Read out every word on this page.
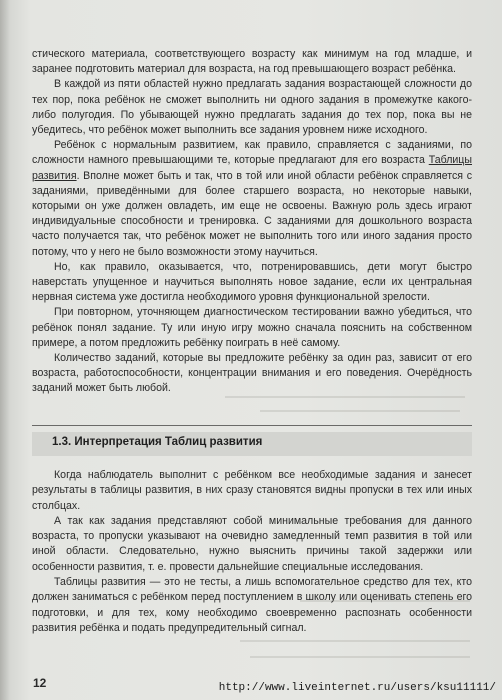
стического материала, соответствующего возрасту как минимум на год младше, и заранее подготовить материал для возраста, на год превышающего возраст ребёнка.

В каждой из пяти областей нужно предлагать задания возрастающей сложности до тех пор, пока ребёнок не сможет выполнить ни одного задания в промежутке какого-либо полугодия. По убывающей нужно предлагать задания до тех пор, пока вы не убедитесь, что ребёнок может выполнить все задания уровнем ниже исходного.

Ребёнок с нормальным развитием, как правило, справляется с заданиями, по сложности намного превышающими те, которые предлагают для его возраста Таблицы развития. Вполне может быть и так, что в той или иной области ребёнок справляется с заданиями, приведёнными для более старшего возраста, но некоторые навыки, которыми он уже должен овладеть, им еще не освоены. Важную роль здесь играют индивидуальные способности и тренировка. С заданиями для дошкольного возраста часто получается так, что ребёнок может не выполнить того или иного задания просто потому, что у него не было возможности этому научиться.

Но, как правило, оказывается, что, потренировавшись, дети могут быстро наверстать упущенное и научиться выполнять новое задание, если их центральная нервная система уже достигла необходимого уровня функциональной зрелости.

При повторном, уточняющем диагностическом тестировании важно убедиться, что ребёнок понял задание. Ту или иную игру можно сначала пояснить на собственном примере, а потом предложить ребёнку поиграть в неё самому.

Количество заданий, которые вы предложите ребёнку за один раз, зависит от его возраста, работоспособности, концентрации внимания и его поведения. Очерёдность заданий может быть любой.

1.3. Интерпретация Таблиц развития

Когда наблюдатель выполнит с ребёнком все необходимые задания и занесет результаты в таблицы развития, в них сразу становятся видны пропуски в тех или иных столбцах.

А так как задания представляют собой минимальные требования для данного возраста, то пропуски указывают на очевидно замедленный темп развития в той или иной области. Следовательно, нужно выяснить причины такой задержки или особенности развития, т. е. провести дальнейшие специальные исследования.

Таблицы развития — это не тесты, а лишь вспомогательное средство для тех, кто должен заниматься с ребёнком перед поступлением в школу или оценивать степень его подготовки, и для тех, кому необходимо своевременно распознать особенности развития ребёнка и подать предупредительный сигнал.

12	http://www.liveinternet.ru/users/ksu11111/
